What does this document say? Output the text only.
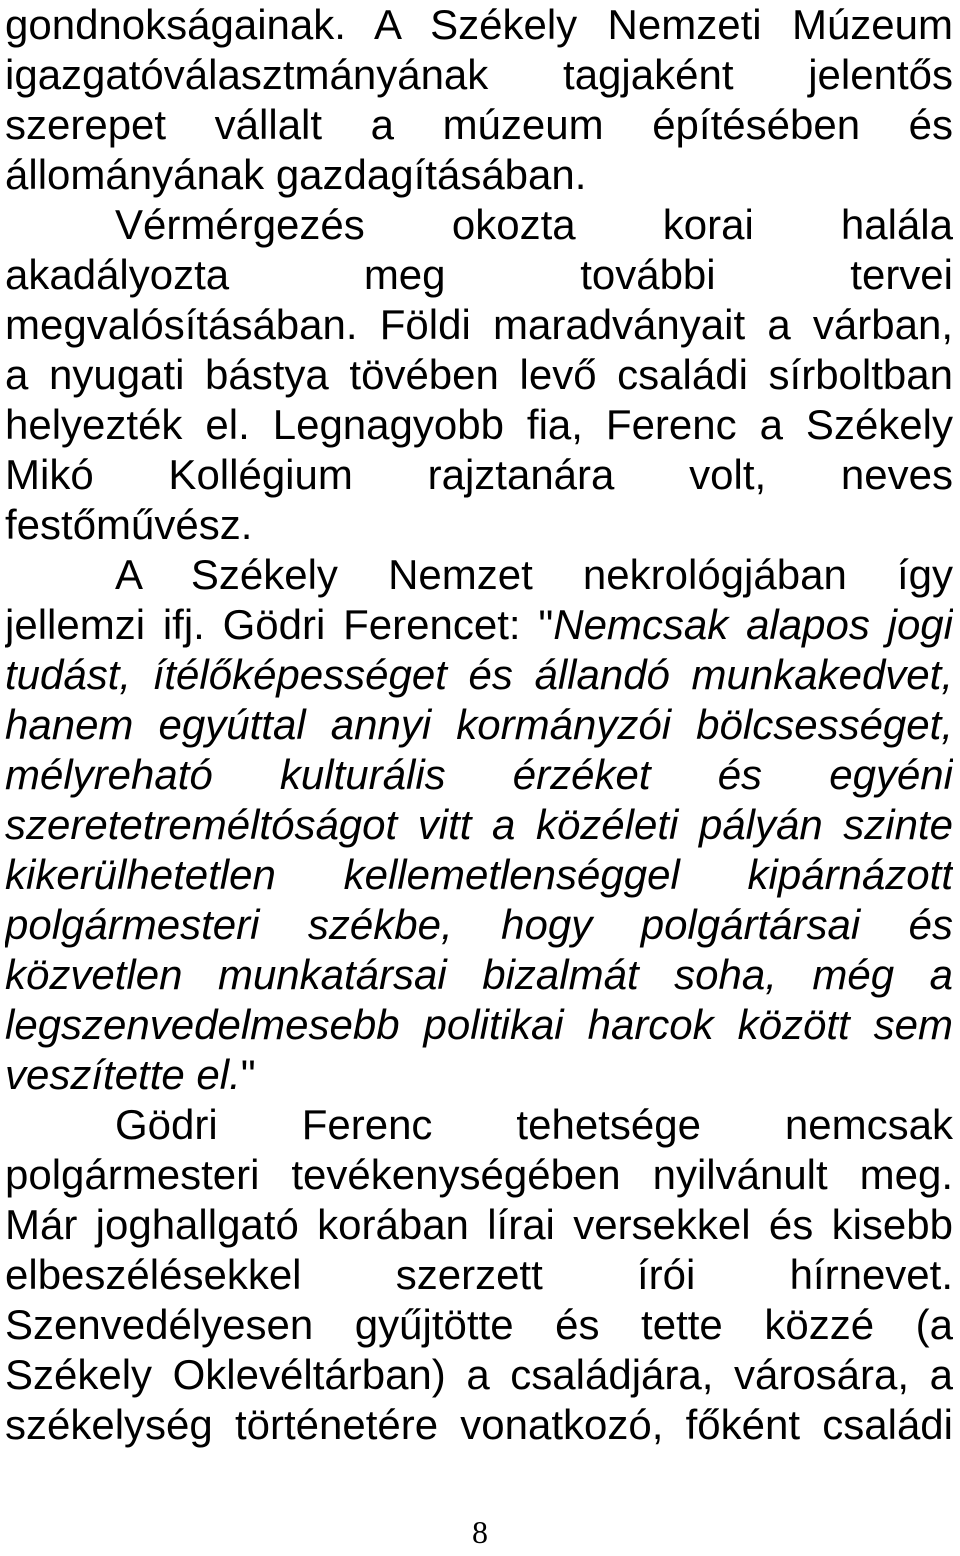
gondnokságainak. A Székely Nemzeti Múzeum
igazgatóválasztmányának tagjaként jelentős
szerepet vállalt a múzeum építésében és
állományának gazdagításában.
Vérmérgezés okozta korai halála
akadályozta meg további tervei
megvalósításában. Földi maradványait a várban,
a nyugati bástya tövében levő családi sírboltban
helyezték el. Legnagyobb fia, Ferenc a Székely
Mikó Kollégium rajztanára volt, neves
festőművész.
A Székely Nemzet nekrológjában így
jellemzi ifj. Gödri Ferencet: "Nemcsak alapos jogi
tudást, ítélőképességet és állandó munkakedvet,
hanem egyúttal annyi kormányzói bölcsességet,
mélyreható kulturális érzéket és egyéni
szeretetreméltóságot vitt a közéleti pályán szinte
kikerülhetetlen kellemetlenséggel kipárnázott
polgármesteri székbe, hogy polgártársai és
közvetlen munkatársai bizalmát soha, még a
legszenvedelmesebb politikai harcok között sem
veszítette el."
Gödri Ferenc tehetsége nemcsak
polgármesteri tevékenységében nyilvánult meg.
Már joghallgató korában lírai versekkel és kisebb
elbeszélésekkel szerzett írói hírnevet.
Szenvedélyesen gyűjtötte és tette közzé (a
Székely Oklevéltárban) a családjára, városára, a
székelység történetére vonatkozó, főként családi
8
